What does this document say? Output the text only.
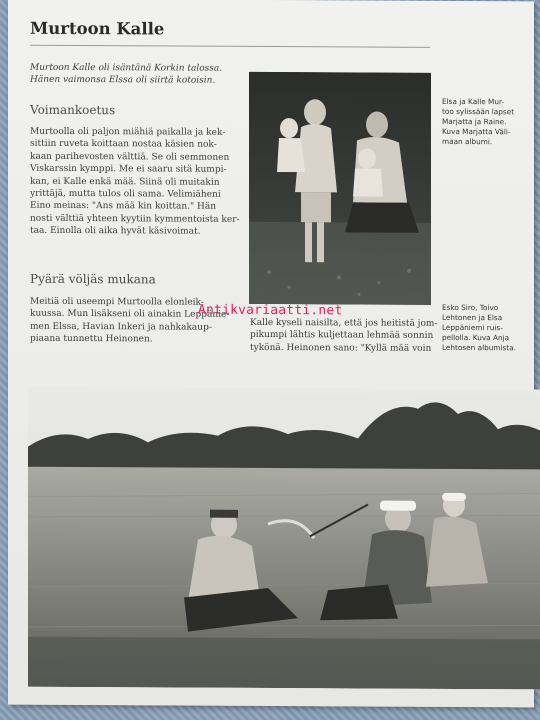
Murtoon Kalle
Murtoon Kalle oli isäntänä Korkin talossa.
Hänen vaimonsa Elssa oli siirtä kotoisin.
Voimankoetus
Murtoolla oli paljon miähiä paikalla ja kek-
sittiin ruveta koittaan nostaa käsien nok-
kaan parihevosten välttiä. Se oli semmonen
Viskarssin kymppi. Me ei saaru sitä kumpi-
kan, ei Kalle enkä mää. Siinä oli muitakin
yrittäjä, mutta tulos oli sama. Velimiäheni
Eino meinas: "Ans mää kin koittan." Hän
nosti välttiä yhteen kyytiin kymmentoista ker-
taa. Einolla oli aika hyvät käsivoimat.
Pyärä völjäs mukana
Meitiä oli useempi Murtoolla elonleik-
kuussa. Mun lisäkseni oli ainakin Leppänie-
men Elssa, Havian Inkeri ja nahkakaup-
piaana tunnettu Heinonen.
Kalle kyseli naisilta, että jos heitistä jom-
pikumpi lähtis kuljettaan lehmää sonnin
tykönä. Heinonen sano: "Kyllä mää voin
Elsa ja Kalle Mur-
too sylissään lapset
Marjatta ja Raine.
Kuva Marjatta Väli-
maan albumi.
Esko Siro, Toivo
Lehtonen ja Elsa
Leppäniemi ruis-
pellolla. Kuva Anja
Lehtosen albumista.
Antikvariaatti.net
